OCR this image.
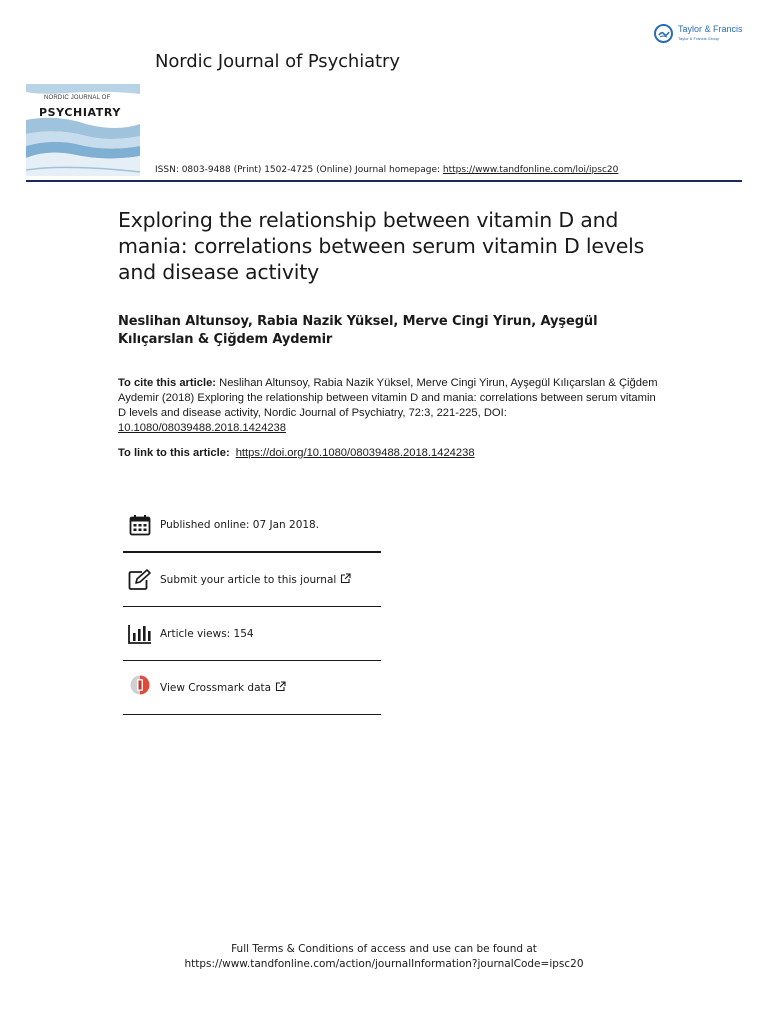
Taylor & Francis
Taylor & Francis Group
Nordic Journal of Psychiatry
NORDIC JOURNAL OF
PSYCHIATRY
ISSN: 0803-9488 (Print) 1502-4725 (Online) Journal homepage: https://www.tandfonline.com/loi/ipsc20
Exploring the relationship between vitamin D and mania: correlations between serum vitamin D levels and disease activity
Neslihan Altunsoy, Rabia Nazik Yüksel, Merve Cingi Yirun, Ayşegül Kılıçarslan & Çiğdem Aydemir
To cite this article: Neslihan Altunsoy, Rabia Nazik Yüksel, Merve Cingi Yirun, Ayşegül Kılıçarslan & Çiğdem Aydemir (2018) Exploring the relationship between vitamin D and mania: correlations between serum vitamin D levels and disease activity, Nordic Journal of Psychiatry, 72:3, 221-225, DOI: 10.1080/08039488.2018.1424238
To link to this article: https://doi.org/10.1080/08039488.2018.1424238
Published online: 07 Jan 2018.
Submit your article to this journal
Article views: 154
View Crossmark data
Full Terms & Conditions of access and use can be found at
https://www.tandfonline.com/action/journalInformation?journalCode=ipsc20
